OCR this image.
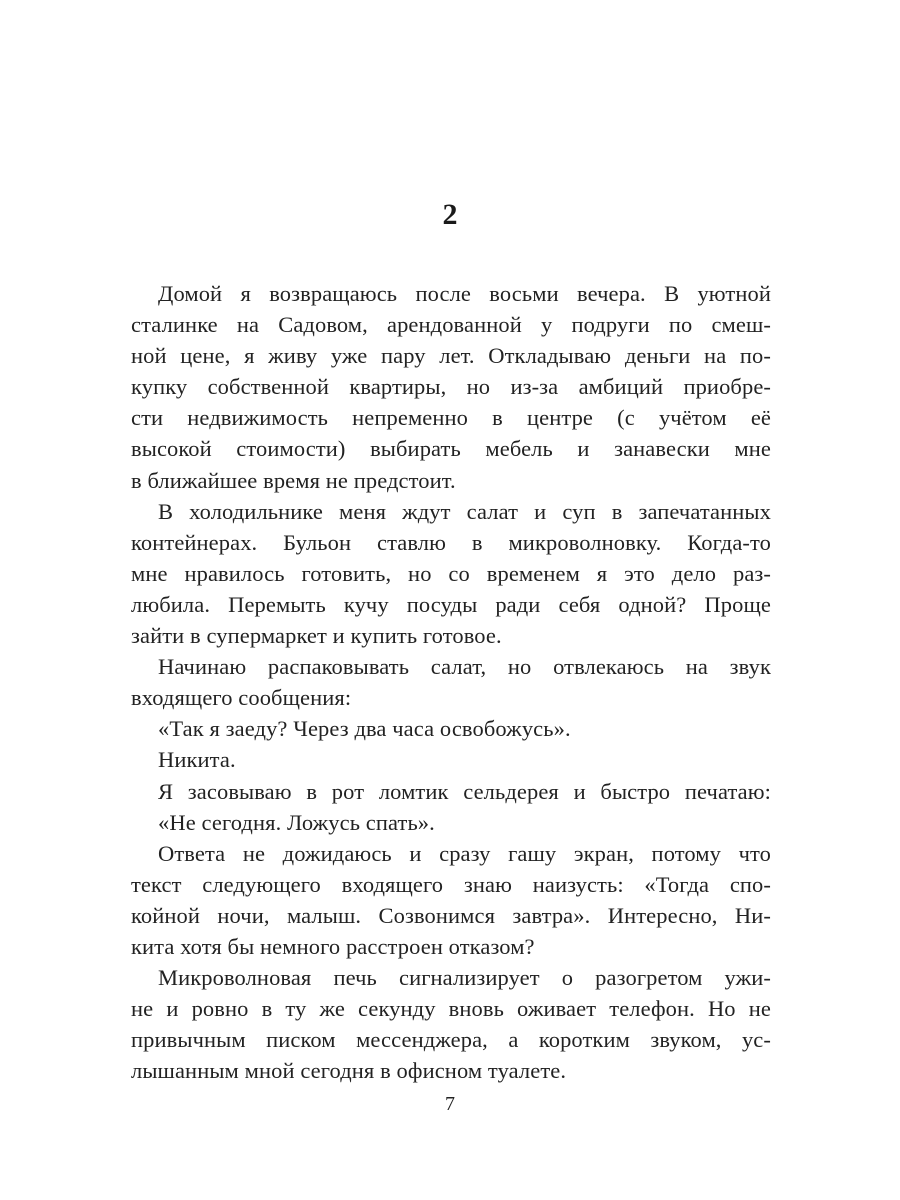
2
Домой я возвращаюсь после восьми вечера. В уютной
сталинке на Садовом, арендованной у подруги по смеш-
ной цене, я живу уже пару лет. Откладываю деньги на по-
купку собственной квартиры, но из-за амбиций приобре-
сти недвижимость непременно в центре (с учётом её
высокой стоимости) выбирать мебель и занавески мне
в ближайшее время не предстоит.
В холодильнике меня ждут салат и суп в запечатанных
контейнерах. Бульон ставлю в микроволновку. Когда-то
мне нравилось готовить, но со временем я это дело раз-
любила. Перемыть кучу посуды ради себя одной? Проще
зайти в супермаркет и купить готовое.
Начинаю распаковывать салат, но отвлекаюсь на звук
входящего сообщения:
«Так я заеду? Через два часа освобожусь».
Никита.
Я засовываю в рот ломтик сельдерея и быстро печатаю:
«Не сегодня. Ложусь спать».
Ответа не дожидаюсь и сразу гашу экран, потому что
текст следующего входящего знаю наизусть: «Тогда спо-
койной ночи, малыш. Созвонимся завтра». Интересно, Ни-
кита хотя бы немного расстроен отказом?
Микроволновая печь сигнализирует о разогретом ужи-
не и ровно в ту же секунду вновь оживает телефон. Но не
привычным писком мессенджера, а коротким звуком, ус-
лышанным мной сегодня в офисном туалете.
7
